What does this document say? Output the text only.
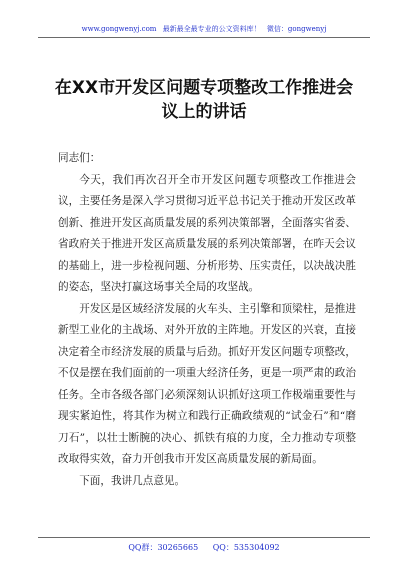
www.gongwenyj.com 最新最全最专业的公文资料库！ 微信：gongwenyj
在XX市开发区问题专项整改工作推进会议上的讲话

同志们：

今天，我们再次召开全市开发区问题专项整改工作推进会议，主要任务是深入学习贯彻习近平总书记关于推动开发区改革创新、推进开发区高质量发展的系列决策部署，全面落实省委、省政府关于推进开发区高质量发展的系列决策部署，在昨天会议的基础上，进一步检视问题、分析形势、压实责任，以决战决胜的姿态，坚决打赢这场事关全局的攻坚战。

开发区是区域经济发展的火车头、主引擎和顶梁柱，是推进新型工业化的主战场、对外开放的主阵地。开发区的兴衰，直接决定着全市经济发展的质量与后劲。抓好开发区问题专项整改，不仅是摆在我们面前的一项重大经济任务，更是一项严肃的政治任务。全市各级各部门必须深刻认识抓好这项工作极端重要性与现实紧迫性，将其作为树立和践行正确政绩观的“试金石”和“磨刀石”，以壮士断腕的决心、抓铁有痕的力度，全力推动专项整改取得实效，奋力开创我市开发区高质量发展的新局面。

下面，我讲几点意见。

QQ群：30265665 QQ：535304092
